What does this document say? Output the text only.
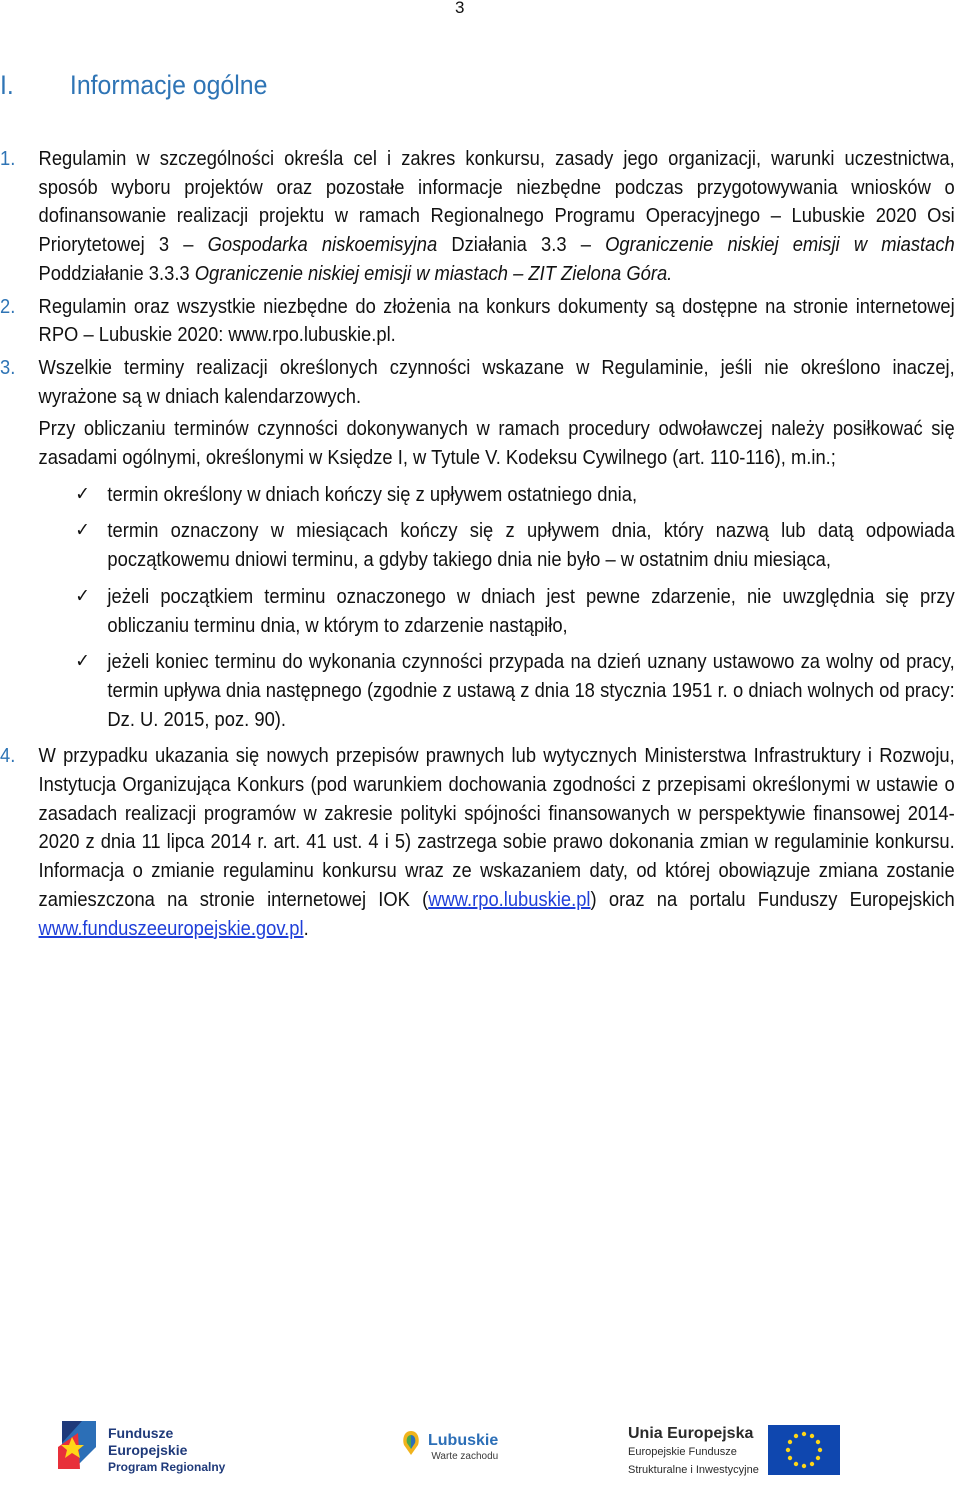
3
I.	Informacje ogólne
1.	Regulamin w szczególności określa cel i zakres konkursu, zasady jego organizacji, warunki uczestnictwa, sposób wyboru projektów oraz pozostałe informacje niezbędne podczas przygotowywania wniosków o dofinansowanie realizacji projektu w ramach Regionalnego Programu Operacyjnego – Lubuskie 2020 Osi Priorytetowej 3 – Gospodarka niskoemisyjna Działania 3.3 – Ograniczenie niskiej emisji w miastach Poddziałanie 3.3.3 Ograniczenie niskiej emisji w miastach – ZIT Zielona Góra.

2.	Regulamin oraz wszystkie niezbędne do złożenia na konkurs dokumenty są dostępne na stronie internetowej RPO – Lubuskie 2020: www.rpo.lubuskie.pl.

3.	Wszelkie terminy realizacji określonych czynności wskazane w Regulaminie, jeśli nie określono inaczej, wyrażone są w dniach kalendarzowych.

Przy obliczaniu terminów czynności dokonywanych w ramach procedury odwoławczej należy posiłkować się zasadami ogólnymi, określonymi w Księdze I, w Tytule V. Kodeksu Cywilnego (art. 110-116), m.in.;

✓ termin określony w dniach kończy się z upływem ostatniego dnia,
✓ termin oznaczony w miesiącach kończy się z upływem dnia, który nazwą lub datą odpowiada początkowemu dniowi terminu, a gdyby takiego dnia nie było – w ostatnim dniu miesiąca,
✓ jeżeli początkiem terminu oznaczonego w dniach jest pewne zdarzenie, nie uwzględnia się przy obliczaniu terminu dnia, w którym to zdarzenie nastąpiło,
✓ jeżeli koniec terminu do wykonania czynności przypada na dzień uznany ustawowo za wolny od pracy, termin upływa dnia następnego (zgodnie z ustawą z dnia 18 stycznia 1951 r. o dniach wolnych od pracy: Dz. U. 2015, poz. 90).
4.	W przypadku ukazania się nowych przepisów prawnych lub wytycznych Ministerstwa Infrastruktury i Rozwoju, Instytucja Organizująca Konkurs (pod warunkiem dochowania zgodności z przepisami określonymi w ustawie o zasadach realizacji programów w zakresie polityki spójności finansowanych w perspektywie finansowej 2014-2020 z dnia 11 lipca 2014 r. art. 41 ust. 4 i 5) zastrzega sobie prawo dokonania zmian w regulaminie konkursu. Informacja o zmianie regulaminu konkursu wraz ze wskazaniem daty, od której obowiązuje zmiana zostanie zamieszczona na stronie internetowej IOK (www.rpo.lubuskie.pl) oraz na portalu Funduszy Europejskich www.funduszeeuropejskie.gov.pl.

Fundusze
Europejskie
Program Regionalny
Lubuskie
Warte zachodu
Unia Europejska
Europejskie Fundusze
Strukturalne i Inwestycyjne
